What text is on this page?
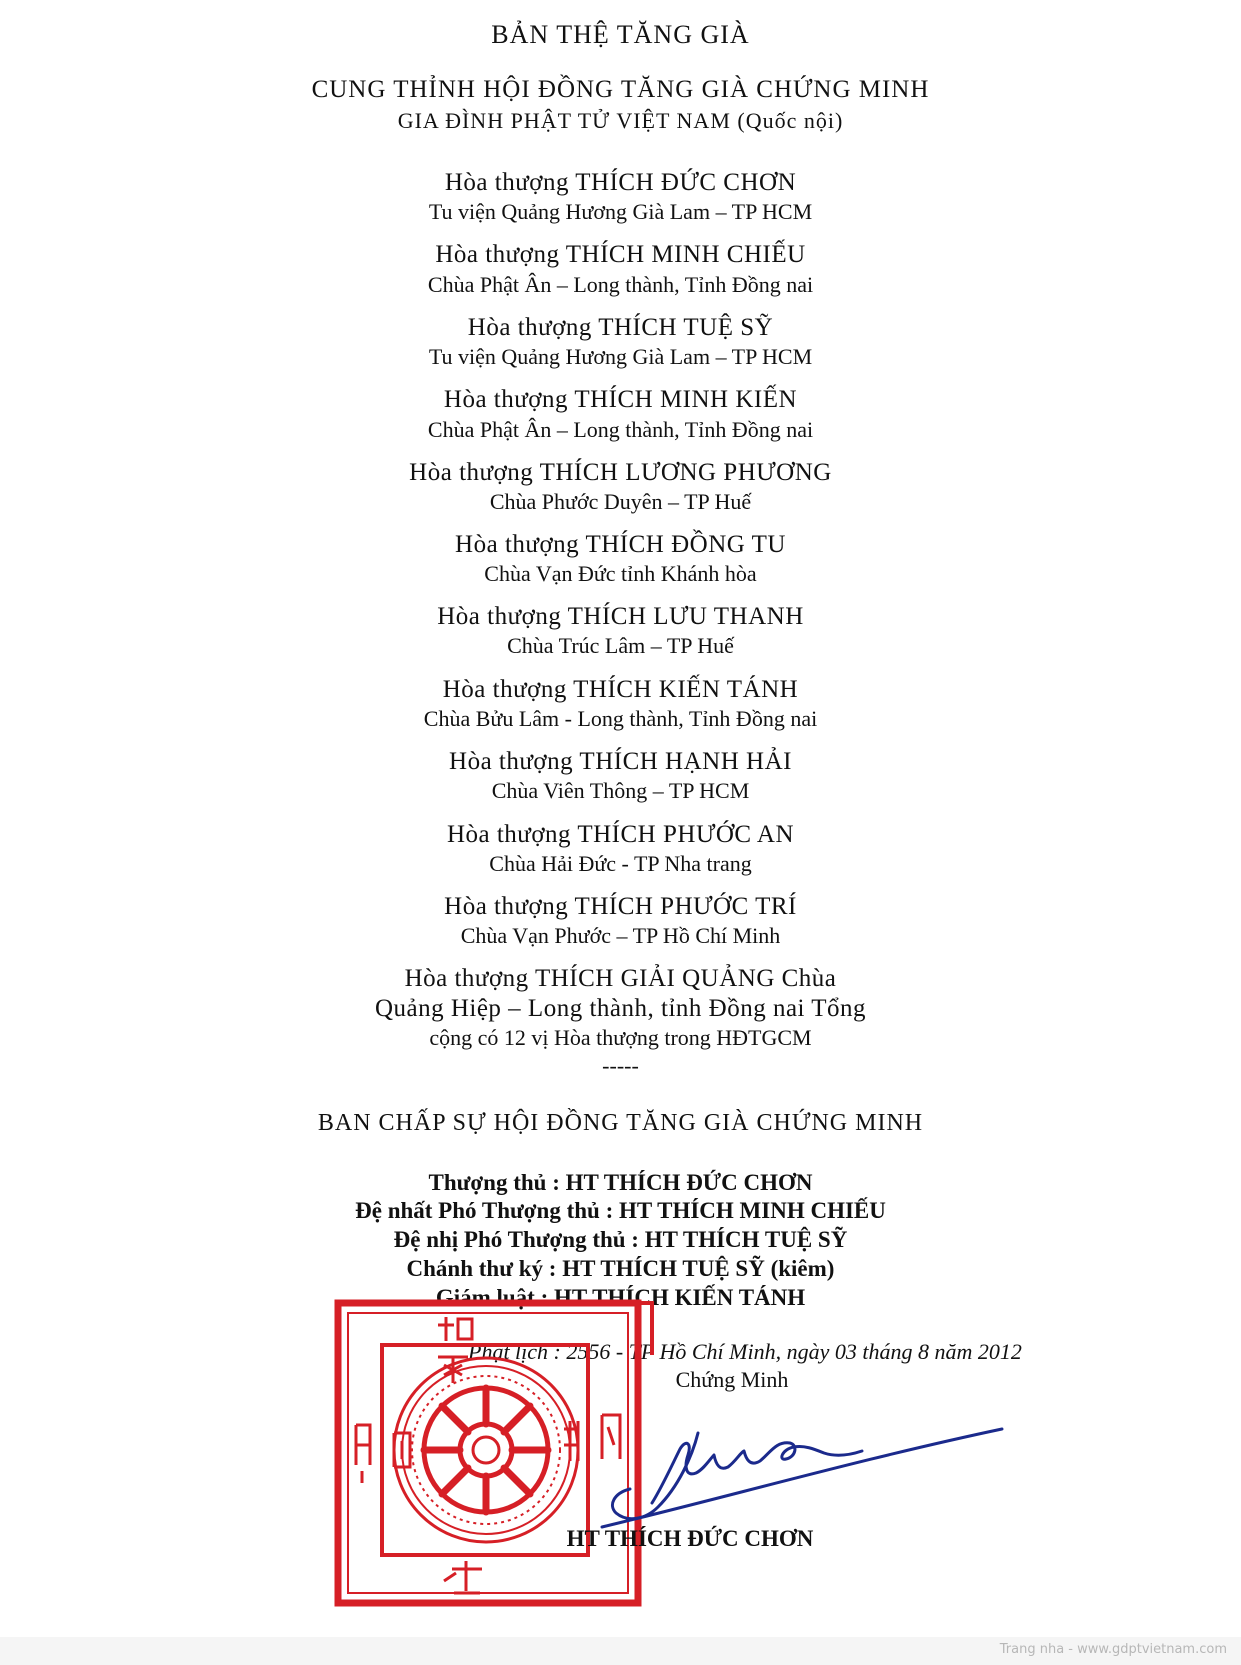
BẢN THỆ TĂNG GIÀ
CUNG THỈNH HỘI ĐỒNG TĂNG GIÀ CHỨNG MINH
GIA ĐÌNH PHẬT TỬ VIỆT NAM (Quốc nội)
Hòa thượng THÍCH ĐỨC CHƠN
Tu viện Quảng Hương Già Lam – TP HCM
Hòa thượng THÍCH MINH CHIẾU
Chùa Phật Ân – Long thành, Tỉnh Đồng nai
Hòa thượng THÍCH TUỆ SỸ
Tu viện Quảng Hương Già Lam – TP HCM
Hòa thượng THÍCH MINH KIẾN
Chùa Phật Ân – Long thành, Tỉnh Đồng nai
Hòa thượng THÍCH LƯƠNG PHƯƠNG
Chùa Phước Duyên – TP Huế
Hòa thượng THÍCH ĐỒNG TU
Chùa Vạn Đức tỉnh Khánh hòa
Hòa thượng THÍCH LƯU THANH
Chùa Trúc Lâm – TP Huế
Hòa thượng THÍCH KIẾN TÁNH
Chùa Bửu Lâm - Long thành, Tỉnh Đồng nai
Hòa thượng THÍCH HẠNH HẢI
Chùa Viên Thông – TP HCM
Hòa thượng THÍCH PHƯỚC AN
Chùa Hải Đức - TP Nha trang
Hòa thượng THÍCH PHƯỚC TRÍ
Chùa Vạn Phước – TP Hồ Chí Minh
Hòa thượng THÍCH GIẢI QUẢNG Chùa
Quảng Hiệp – Long thành, tỉnh Đồng nai Tổng
cộng có 12 vị Hòa thượng trong HĐTGCM
-----
BAN CHẤP SỰ HỘI ĐỒNG TĂNG GIÀ CHỨNG MINH
Thượng thủ : HT THÍCH ĐỨC CHƠN
Đệ nhất Phó Thượng thủ : HT THÍCH MINH CHIẾU
Đệ nhị Phó Thượng thủ : HT THÍCH TUỆ SỸ
Chánh thư ký : HT THÍCH TUỆ SỸ (kiêm)
Giám luật : HT THÍCH KIẾN TÁNH
Phật lịch : 2556 - TP Hồ Chí Minh, ngày 03 tháng 8 năm 2012
Chứng Minh
HT THÍCH ĐỨC CHƠN
Trang nha - www.gdptvietnam.com
